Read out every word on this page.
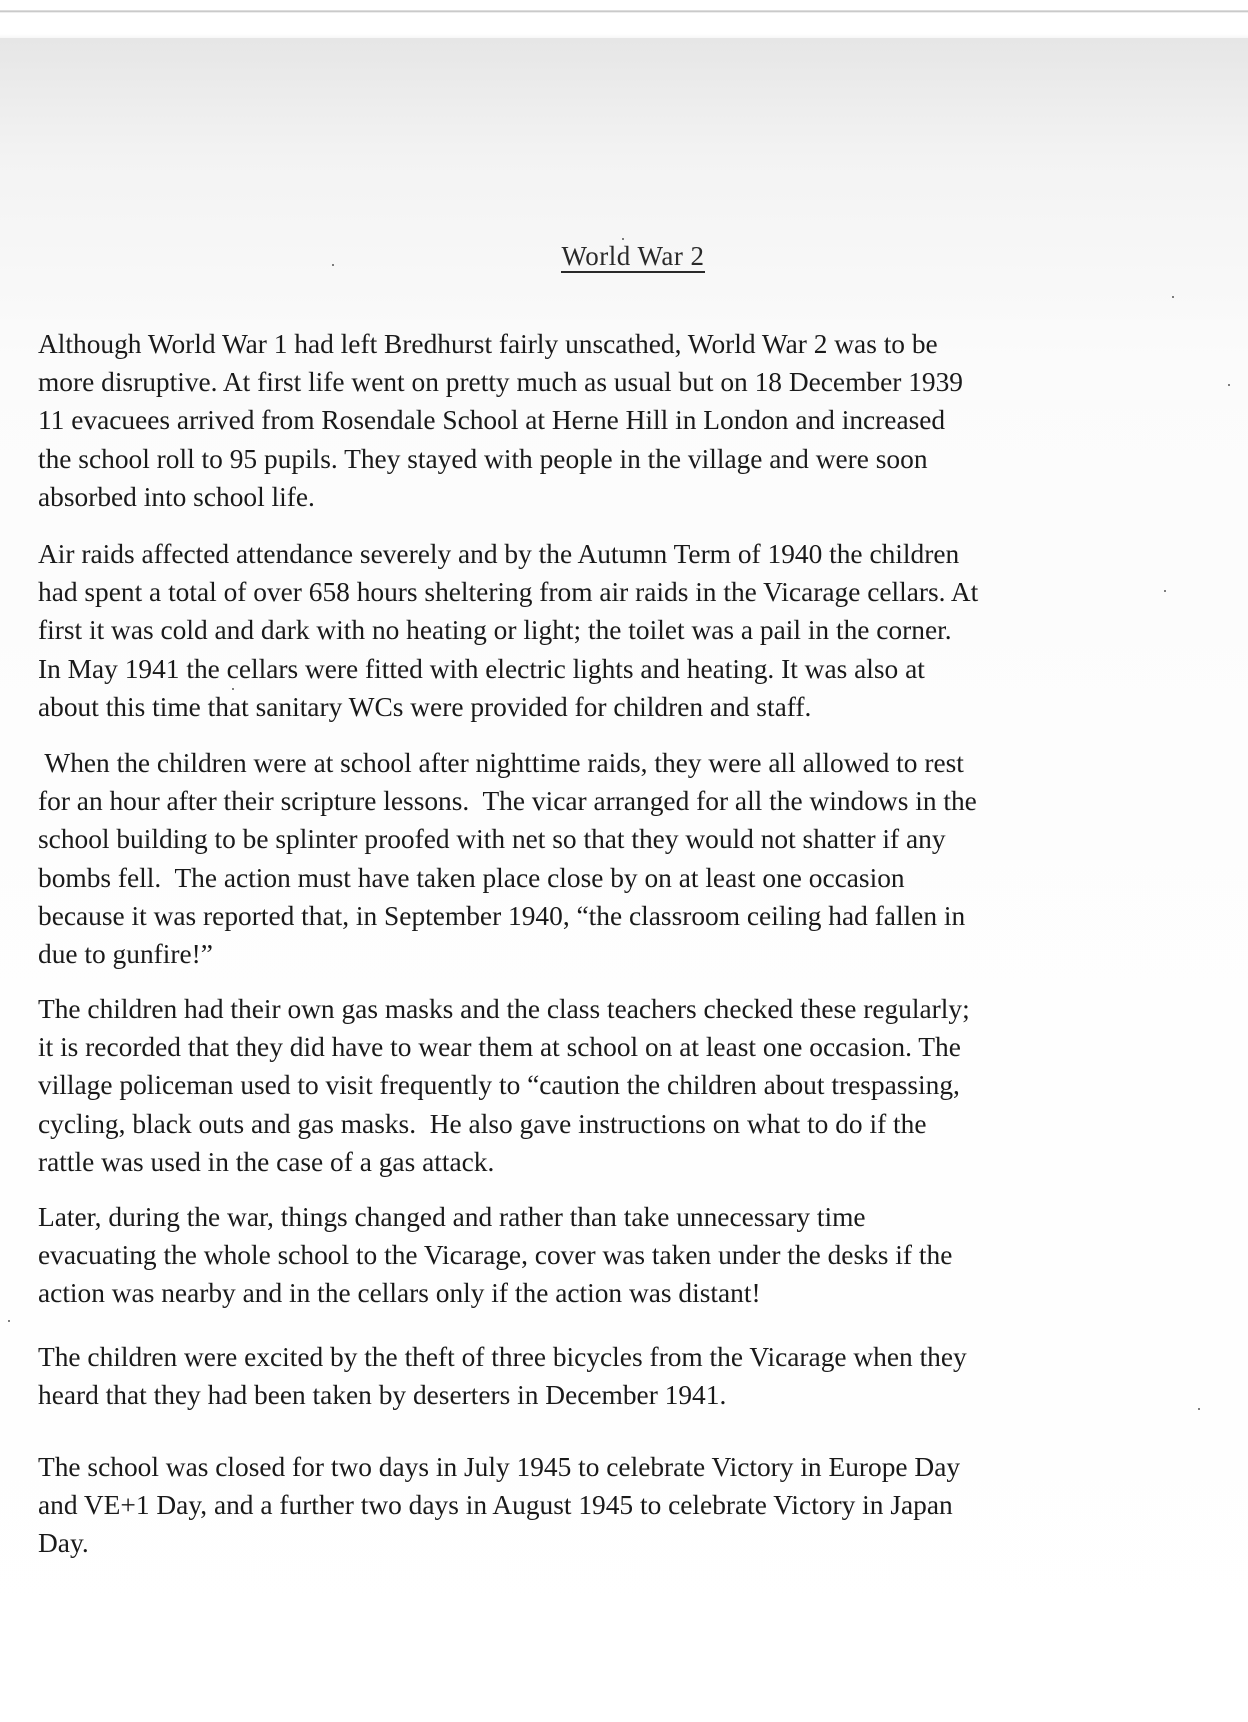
World War 2

Although World War 1 had left Bredhurst fairly unscathed, World War 2 was to be
more disruptive. At first life went on pretty much as usual but on 18 December 1939
11 evacuees arrived from Rosendale School at Herne Hill in London and increased
the school roll to 95 pupils. They stayed with people in the village and were soon
absorbed into school life.

Air raids affected attendance severely and by the Autumn Term of 1940 the children
had spent a total of over 658 hours sheltering from air raids in the Vicarage cellars. At
first it was cold and dark with no heating or light; the toilet was a pail in the corner.
In May 1941 the cellars were fitted with electric lights and heating. It was also at
about this time that sanitary WCs were provided for children and staff.

When the children were at school after nighttime raids, they were all allowed to rest
for an hour after their scripture lessons.  The vicar arranged for all the windows in the
school building to be splinter proofed with net so that they would not shatter if any
bombs fell.  The action must have taken place close by on at least one occasion
because it was reported that, in September 1940, “the classroom ceiling had fallen in
due to gunfire!”

The children had their own gas masks and the class teachers checked these regularly;
it is recorded that they did have to wear them at school on at least one occasion. The
village policeman used to visit frequently to “caution the children about trespassing,
cycling, black outs and gas masks.  He also gave instructions on what to do if the
rattle was used in the case of a gas attack.

Later, during the war, things changed and rather than take unnecessary time
evacuating the whole school to the Vicarage, cover was taken under the desks if the
action was nearby and in the cellars only if the action was distant!

The children were excited by the theft of three bicycles from the Vicarage when they
heard that they had been taken by deserters in December 1941.

The school was closed for two days in July 1945 to celebrate Victory in Europe Day
and VE+1 Day, and a further two days in August 1945 to celebrate Victory in Japan
Day.
